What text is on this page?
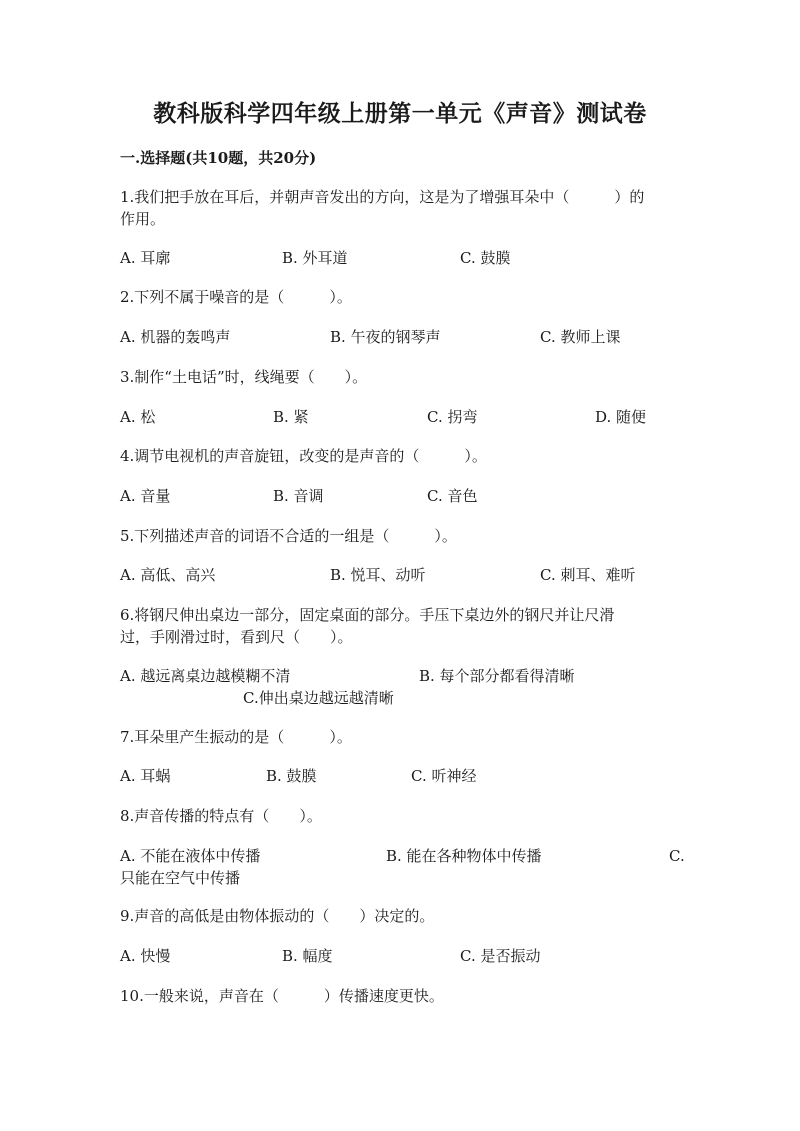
教科版科学四年级上册第一单元《声音》测试卷
一.选择题(共10题，共20分)
1.我们把手放在耳后，并朝声音发出的方向，这是为了增强耳朵中（　　　）的
作用。
A. 耳廓	B. 外耳道	C. 鼓膜
2.下列不属于噪音的是（　　　）。
A. 机器的轰鸣声	B. 午夜的钢琴声	C. 教师上课
3.制作“土电话”时，线绳要（　　）。
A. 松	B. 紧	C. 拐弯	D. 随便
4.调节电视机的声音旋钮，改变的是声音的（　　　）。
A. 音量	B. 音调	C. 音色
5.下列描述声音的词语不合适的一组是（　　　）。
A. 高低、高兴	B. 悦耳、动听	C. 刺耳、难听
6.将钢尺伸出桌边一部分，固定桌面的部分。手压下桌边外的钢尺并让尺滑
过，手刚滑过时，看到尺（　　）。
A. 越远离桌边越模糊不清	B. 每个部分都看得清晰
C.伸出桌边越远越清晰
7.耳朵里产生振动的是（　　　）。
A. 耳蜗	B. 鼓膜	C. 听神经
8.声音传播的特点有（　　）。
A. 不能在液体中传播	B. 能在各种物体中传播	C.
只能在空气中传播
9.声音的高低是由物体振动的（　　）决定的。
A. 快慢	B. 幅度	C. 是否振动
10.一般来说，声音在（　　　）传播速度更快。
